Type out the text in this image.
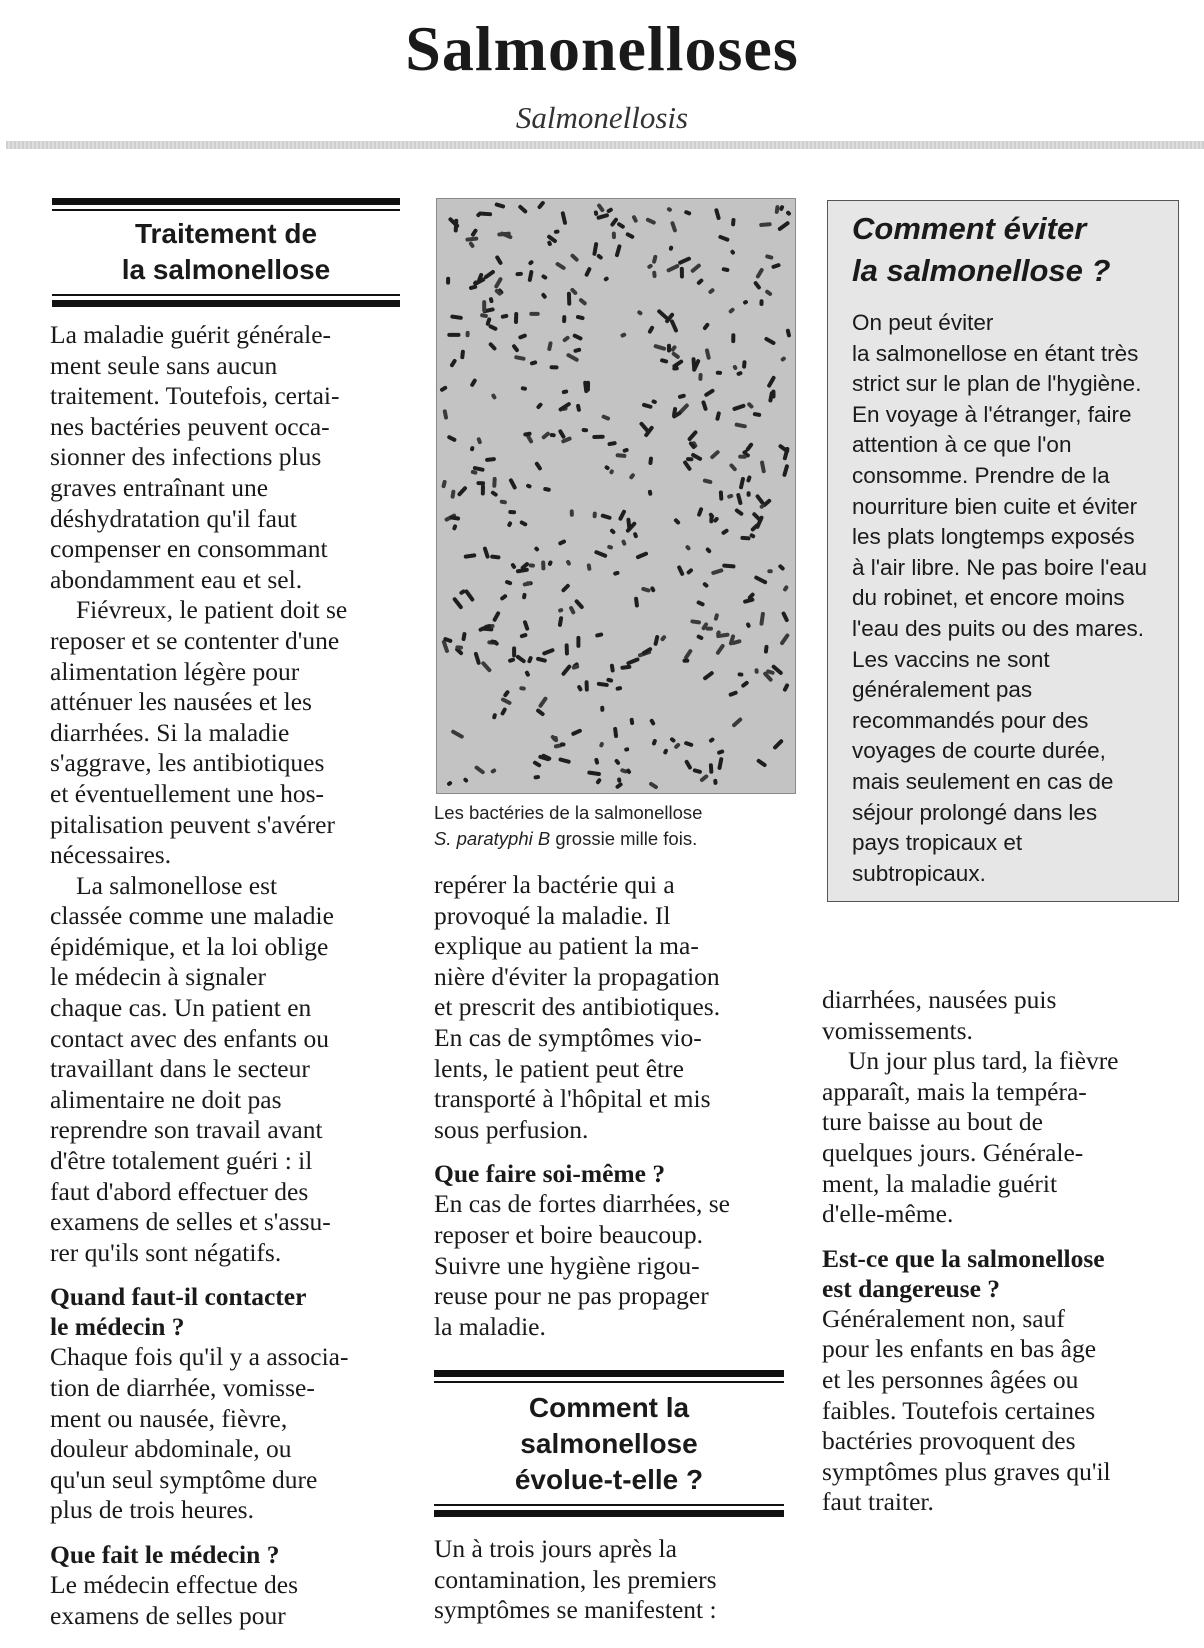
Salmonelloses
Salmonellosis
Traitement de
la salmonellose

La maladie guérit générale-
ment seule sans aucun
traitement. Toutefois, certai-
nes bactéries peuvent occa-
sionner des infections plus
graves entraînant une
déshydratation qu'il faut
compenser en consommant
abondamment eau et sel.

Fiévreux, le patient doit se
reposer et se contenter d'une
alimentation légère pour
atténuer les nausées et les
diarrhées. Si la maladie
s'aggrave, les antibiotiques
et éventuellement une hos-
pitalisation peuvent s'avérer
nécessaires.

La salmonellose est
classée comme une maladie
épidémique, et la loi oblige
le médecin à signaler
chaque cas. Un patient en
contact avec des enfants ou
travaillant dans le secteur
alimentaire ne doit pas
reprendre son travail avant
d'être totalement guéri : il
faut d'abord effectuer des
examens de selles et s'assu-
rer qu'ils sont négatifs.

Quand faut-il contacter
le médecin ?

Chaque fois qu'il y a associa-
tion de diarrhée, vomisse-
ment ou nausée, fièvre,
douleur abdominale, ou
qu'un seul symptôme dure
plus de trois heures.

Que fait le médecin ?

Le médecin effectue des
examens de selles pour

Les bactéries de la salmonellose
S. paratyphi B grossie mille fois.

repérer la bactérie qui a
provoqué la maladie. Il
explique au patient la ma-
nière d'éviter la propagation
et prescrit des antibiotiques.
En cas de symptômes vio-
lents, le patient peut être
transporté à l'hôpital et mis
sous perfusion.

Que faire soi-même ?

En cas de fortes diarrhées, se
reposer et boire beaucoup.
Suivre une hygiène rigou-
reuse pour ne pas propager
la maladie.

Comment la
salmonellose
évolue-t-elle ?

Un à trois jours après la
contamination, les premiers
symptômes se manifestent :

Comment éviter
la salmonellose ?
On peut éviter
la salmonellose en étant très
strict sur le plan de l'hygiène.
En voyage à l'étranger, faire
attention à ce que l'on
consomme. Prendre de la
nourriture bien cuite et éviter
les plats longtemps exposés
à l'air libre. Ne pas boire l'eau
du robinet, et encore moins
l'eau des puits ou des mares.
Les vaccins ne sont
généralement pas
recommandés pour des
voyages de courte durée,
mais seulement en cas de
séjour prolongé dans les
pays tropicaux et
subtropicaux.

diarrhées, nausées puis
vomissements.

Un jour plus tard, la fièvre
apparaît, mais la tempéra-
ture baisse au bout de
quelques jours. Générale-
ment, la maladie guérit
d'elle-même.

Est-ce que la salmonellose
est dangereuse ?

Généralement non, sauf
pour les enfants en bas âge
et les personnes âgées ou
faibles. Toutefois certaines
bactéries provoquent des
symptômes plus graves qu'il
faut traiter.
